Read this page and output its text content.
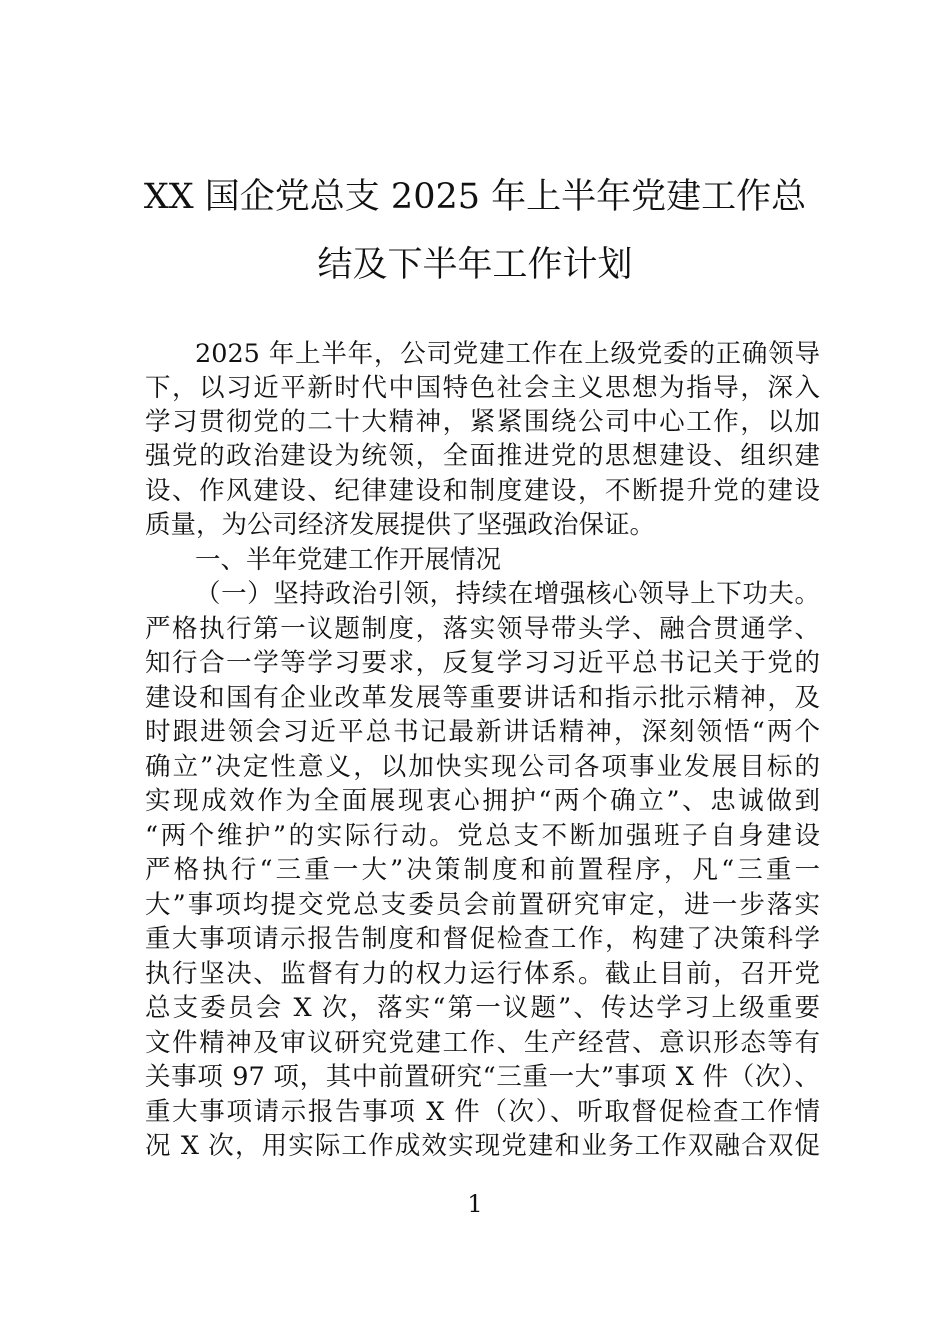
XX 国企党总支 2025 年上半年党建工作总
结及下半年工作计划
2025 年上半年，公司党建工作在上级党委的正确领导
下，以习近平新时代中国特色社会主义思想为指导，深入
学习贯彻党的二十大精神，紧紧围绕公司中心工作，以加
强党的政治建设为统领，全面推进党的思想建设、组织建
设、作风建设、纪律建设和制度建设，不断提升党的建设
质量，为公司经济发展提供了坚强政治保证。
一、半年党建工作开展情况
（一）坚持政治引领，持续在增强核心领导上下功夫。
严格执行第一议题制度，落实领导带头学、融合贯通学、
知行合一学等学习要求，反复学习习近平总书记关于党的
建设和国有企业改革发展等重要讲话和指示批示精神，及
时跟进领会习近平总书记最新讲话精神，深刻领悟“两个
确立”决定性意义，以加快实现公司各项事业发展目标的
实现成效作为全面展现衷心拥护“两个确立”、忠诚做到
“两个维护”的实际行动。党总支不断加强班子自身建设
严格执行“三重一大”决策制度和前置程序，凡“三重一
大”事项均提交党总支委员会前置研究审定，进一步落实
重大事项请示报告制度和督促检查工作，构建了决策科学
执行坚决、监督有力的权力运行体系。截止目前，召开党
总支委员会 X 次，落实“第一议题”、传达学习上级重要
文件精神及审议研究党建工作、生产经营、意识形态等有
关事项 97 项，其中前置研究“三重一大”事项 X 件（次）、
重大事项请示报告事项 X 件（次）、听取督促检查工作情
况 X 次，用实际工作成效实现党建和业务工作双融合双促
1
